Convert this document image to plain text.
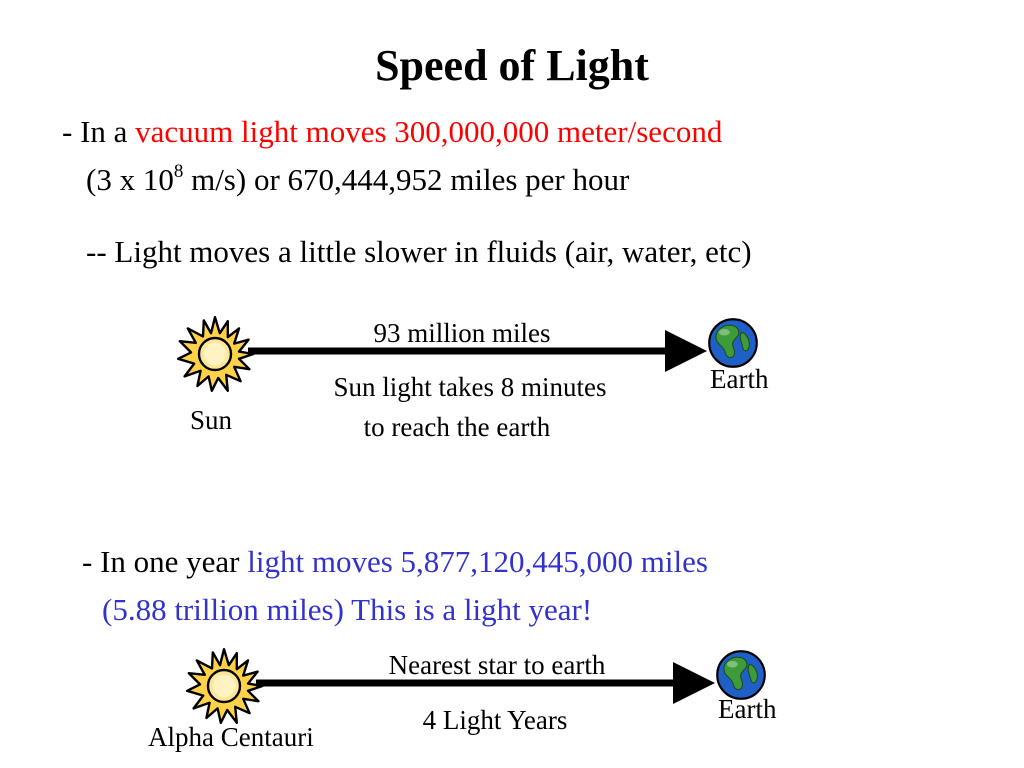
Speed of Light
- In a vacuum light moves 300,000,000 meter/second
(3 x $10^8$ m/s) or 670,444,952 miles per hour
-- Light moves a little slower in fluids (air, water, etc)
93 million miles
Sun light takes 8 minutes
to reach the earth
Sun
Earth
- In one year light moves 5,877,120,445,000 miles
(5.88 trillion miles) This is a light year!
Nearest star to earth
4 Light Years
Alpha Centauri
Earth
